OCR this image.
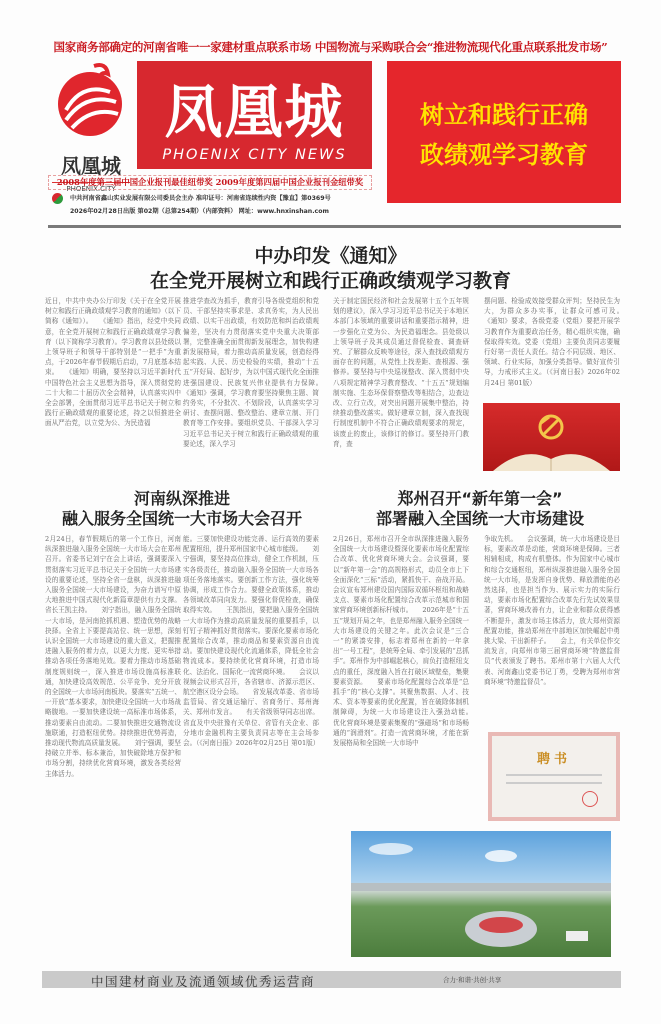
国家商务部确定的河南省唯一一家建材重点联系市场 中国物流与采购联合会“推进物流现代化重点联系批发市场”
凤凰城
PHOENIX.CITY
凤凰城
PHOENIX CITY NEWS
树立和践行正确
政绩观学习教育
2008年度第三届中国企业报刊最佳纽带奖 2009年度第四届中国企业报刊金纽带奖
中共河南省鑫山实业发展有限公司委员会主办 准印证号：河南省连续性内资【豫直】第0369号
2026年02月28日出版 第02期（总第254期）（内部资料） 网址：www.hnxinshan.com
中办印发《通知》
在全党开展树立和践行正确政绩观学习教育
近日，中共中央办公厅印发《关于在全党开展树立和践行正确政绩观学习教育的通知》（以下简称《通知》）。　　《通知》指出，经党中央同意，在全党开展树立和践行正确政绩观学习教育（以下简称学习教育）。学习教育以县处级以上领导班子和领导干部特别是“一把手”为重点，于2026年春节假期后启动，7月底基本结束。　　《通知》明确，要坚持以习近平新时代中国特色社会主义思想为指导，深入贯彻党的二十大和二十届历次全会精神，认真落实四中全会部署，全面贯彻习近平总书记关于树立和践行正确政绩观的重要论述，持之以恒推进全面从严治党，以立党为公、为民造福
推进学查改为抓手，教育引导各级党组织和党员、干部坚持实事求是、求真务实，为人民出政绩、以实干出政绩，有效防范和纠治政绩观偏差，坚决有力贯彻落实党中央重大决策部署，完整准确全面贯彻新发展理念，加快构建新发展格局，着力推动高质量发展，创造经得起实践、人民、历史检验的实绩，推动“十五五”开好局、起好步，为以中国式现代化全面推进强国建设、民族复兴伟业提供有力保障。　　《通知》强调，学习教育要坚持聚焦主题、简约务实，不分批次、不划阶段，认真落实学习研讨、查摆问题、整改整治、建章立制、开门教育等工作安排。要组织党员、干部深入学习习近平总书记关于树立和践行正确政绩观的重要论述，深入学习
关于制定国民经济和社会发展第十五个五年规划的建议》，深入学习习近平总书记关于本地区本部门本领域的重要讲话和重要指示精神，进一步强化立党为公、为民造福理念。县处级以上领导班子及其成员通过督促检查、调查研究、了解群众反映等途径，深入查找政绩观方面存在的问题，从党性上找差距、查根源、强修养。要坚持与中央巡视整改、深入贯彻中央八项规定精神学习教育整改、“十五五”规划编制实施、生态环保督察整改等相结合，边查边改、立行立改，对突出问题开展集中整治，持续推动整改落实。做好建章立制，深入查找现行制度机制中不符合正确政绩观要求的规定，该废止的废止，该修订的修订。要坚持开门教育，查
摆问题、检验成效接受群众评判；坚持民生为大，为群众多办实事，让群众可感可及。　　《通知》要求，各级党委（党组）要把开展学习教育作为重要政治任务，精心组织实施，确保取得实效。党委（党组）主要负责同志要履行好第一责任人责任。结合不同层级、地区、领域、行业实际，加强分类指导。做好宣传引导，力戒形式主义。（《河南日报》2026年02月24日 第01版）
河南纵深推进
融入服务全国统一大市场大会召开
2月24日，春节假期后的第一个工作日，河南纵深推进融入服务全国统一大市场大会在郑州召开。省委书记刘宁在会上讲话，强调要深入贯彻落实习近平总书记关于全国统一大市场建设的重要论述，坚持全省一盘棋，纵深推进融入服务全国统一大市场建设，为奋力谱写中原大地推进中国式现代化新篇章提供有力支撑。省长王凯主持。　　刘宁指出，融入服务全国统一大市场，是河南抢抓机遇、塑造优势的战略抉择。全省上下要提高站位、统一思想，深刻认识全国统一大市场建设的重大意义，把握推进融入服务的着力点，以更大力度、更实举措推动各项任务落地见效。要着力推动市场基础制度规则统一，深入推进市场设施高标准联通，加快建设高效规范、公平竞争、充分开放的全国统一大市场河南板块。要落实“五统一、一开放”基本要求，加快建设全国统一大市场战略腹地。一要加快建设统一高标准市场体系，推动要素自由流动。二要加快推进交通物流设施联通，打造枢纽优势。持续推进优势再造，推动现代物流高质量发展。　　刘宁强调，要坚持破立并举、标本兼治，加快破除地方保护和市场分割，持续优化营商环境，激发各类经营主体活力。
能。三要加快建设功能完善、运行高效的要素配置枢纽，提升郑州国家中心城市能级。　　刘宁强调，要坚持高位推动，健全工作机制，压实各级责任，推动融入服务全国统一大市场各项任务落地落实。要创新工作方法，强化统筹协调，形成工作合力。要健全政策体系，推动各领域改革同向发力。要强化督促检查，确保取得实效。　　王凯指出，要把融入服务全国统一大市场作为推动高质量发展的重要抓手，以钉钉子精神抓好贯彻落实。要深化要素市场化配置综合改革，推动商品和要素资源自由流动。要加快建设现代化流通体系，降低全社会物流成本。要持续优化营商环境，打造市场化、法治化、国际化一流营商环境。　　会议以视频会议形式召开，各省辖市、济源示范区、航空港区设分会场。　　省发展改革委、省市场监管局、省交通运输厅、省商务厅、郑州海关、郑州市发言。　　有关省级领导同志出席。省直及中央驻豫有关单位、省管有关企业、部分地市金融机构主要负责同志等在主会场参会。（《河南日报》2026年02月25日 第01版）
郑州召开“新年第一会”
部署融入全国统一大市场建设
2月26日，郑州市召开全市纵深推进融入服务全国统一大市场建设暨深化要素市场化配置综合改革、优化营商环境大会。会议强调，要以“新年第一会”的高规格形式，动员全市上下全面深化“三标”活动，紧抓快干、奋战开局。会议宣布郑州建设国内国际双循环枢纽和战略支点、要素市场化配置综合改革示范城市和国家营商环境创新标杆城市。　　2026年是“十五五”规划开局之年，也是郑州融入服务全国统一大市场建设的关键之年。此次会议是“三合一”的紧凑安排，标志着郑州在新的一年拿出“一号工程”，是统筹全局、牵引发展的“总抓手”。郑州作为中部崛起核心，肩负打造枢纽支点的重任，深度融入旨在打破区域壁垒，集聚要素资源。　　要素市场化配置综合改革是“总抓手”的“核心支撑”。其聚焦数据、人才、技术、资本等要素的优化配置，旨在破除体制机制障碍，为统一大市场建设注入强劲动能。　　优化营商环境是要素集聚的“强磁场”和市场畅通的“润滑剂”。打造一流营商环境，才能在新发展格局和全国统一大市场中
争取先机。　　会议强调，统一大市场建设是目标，要素改革是动能，营商环境是保障。三者相辅相成，构成有机整体。作为国家中心城市和综合交通枢纽，郑州纵深推进融入服务全国统一大市场，是发挥自身优势、释放潜能的必然选择，也是担当作为、展示实力的实际行动，要素市场化配置综合改革先行先试效果显著，营商环境改善有力，让企业和群众获得感不断提升，激发市场主体活力，放大郑州资源配置功能，推动郑州在中部地区加快崛起中勇挑大梁、干出新样子。　　会上，有关单位作交流发言，向郑州市第三届营商环境“特邀监督员”代表颁发了聘书。郑州市第十六届人大代表、河南鑫山党委书记丁勇，受聘为郑州市营商环境“特邀监督员”。
聘书
中国建材商业及流通领域优秀运营商	合力·和谐·共创·共享
